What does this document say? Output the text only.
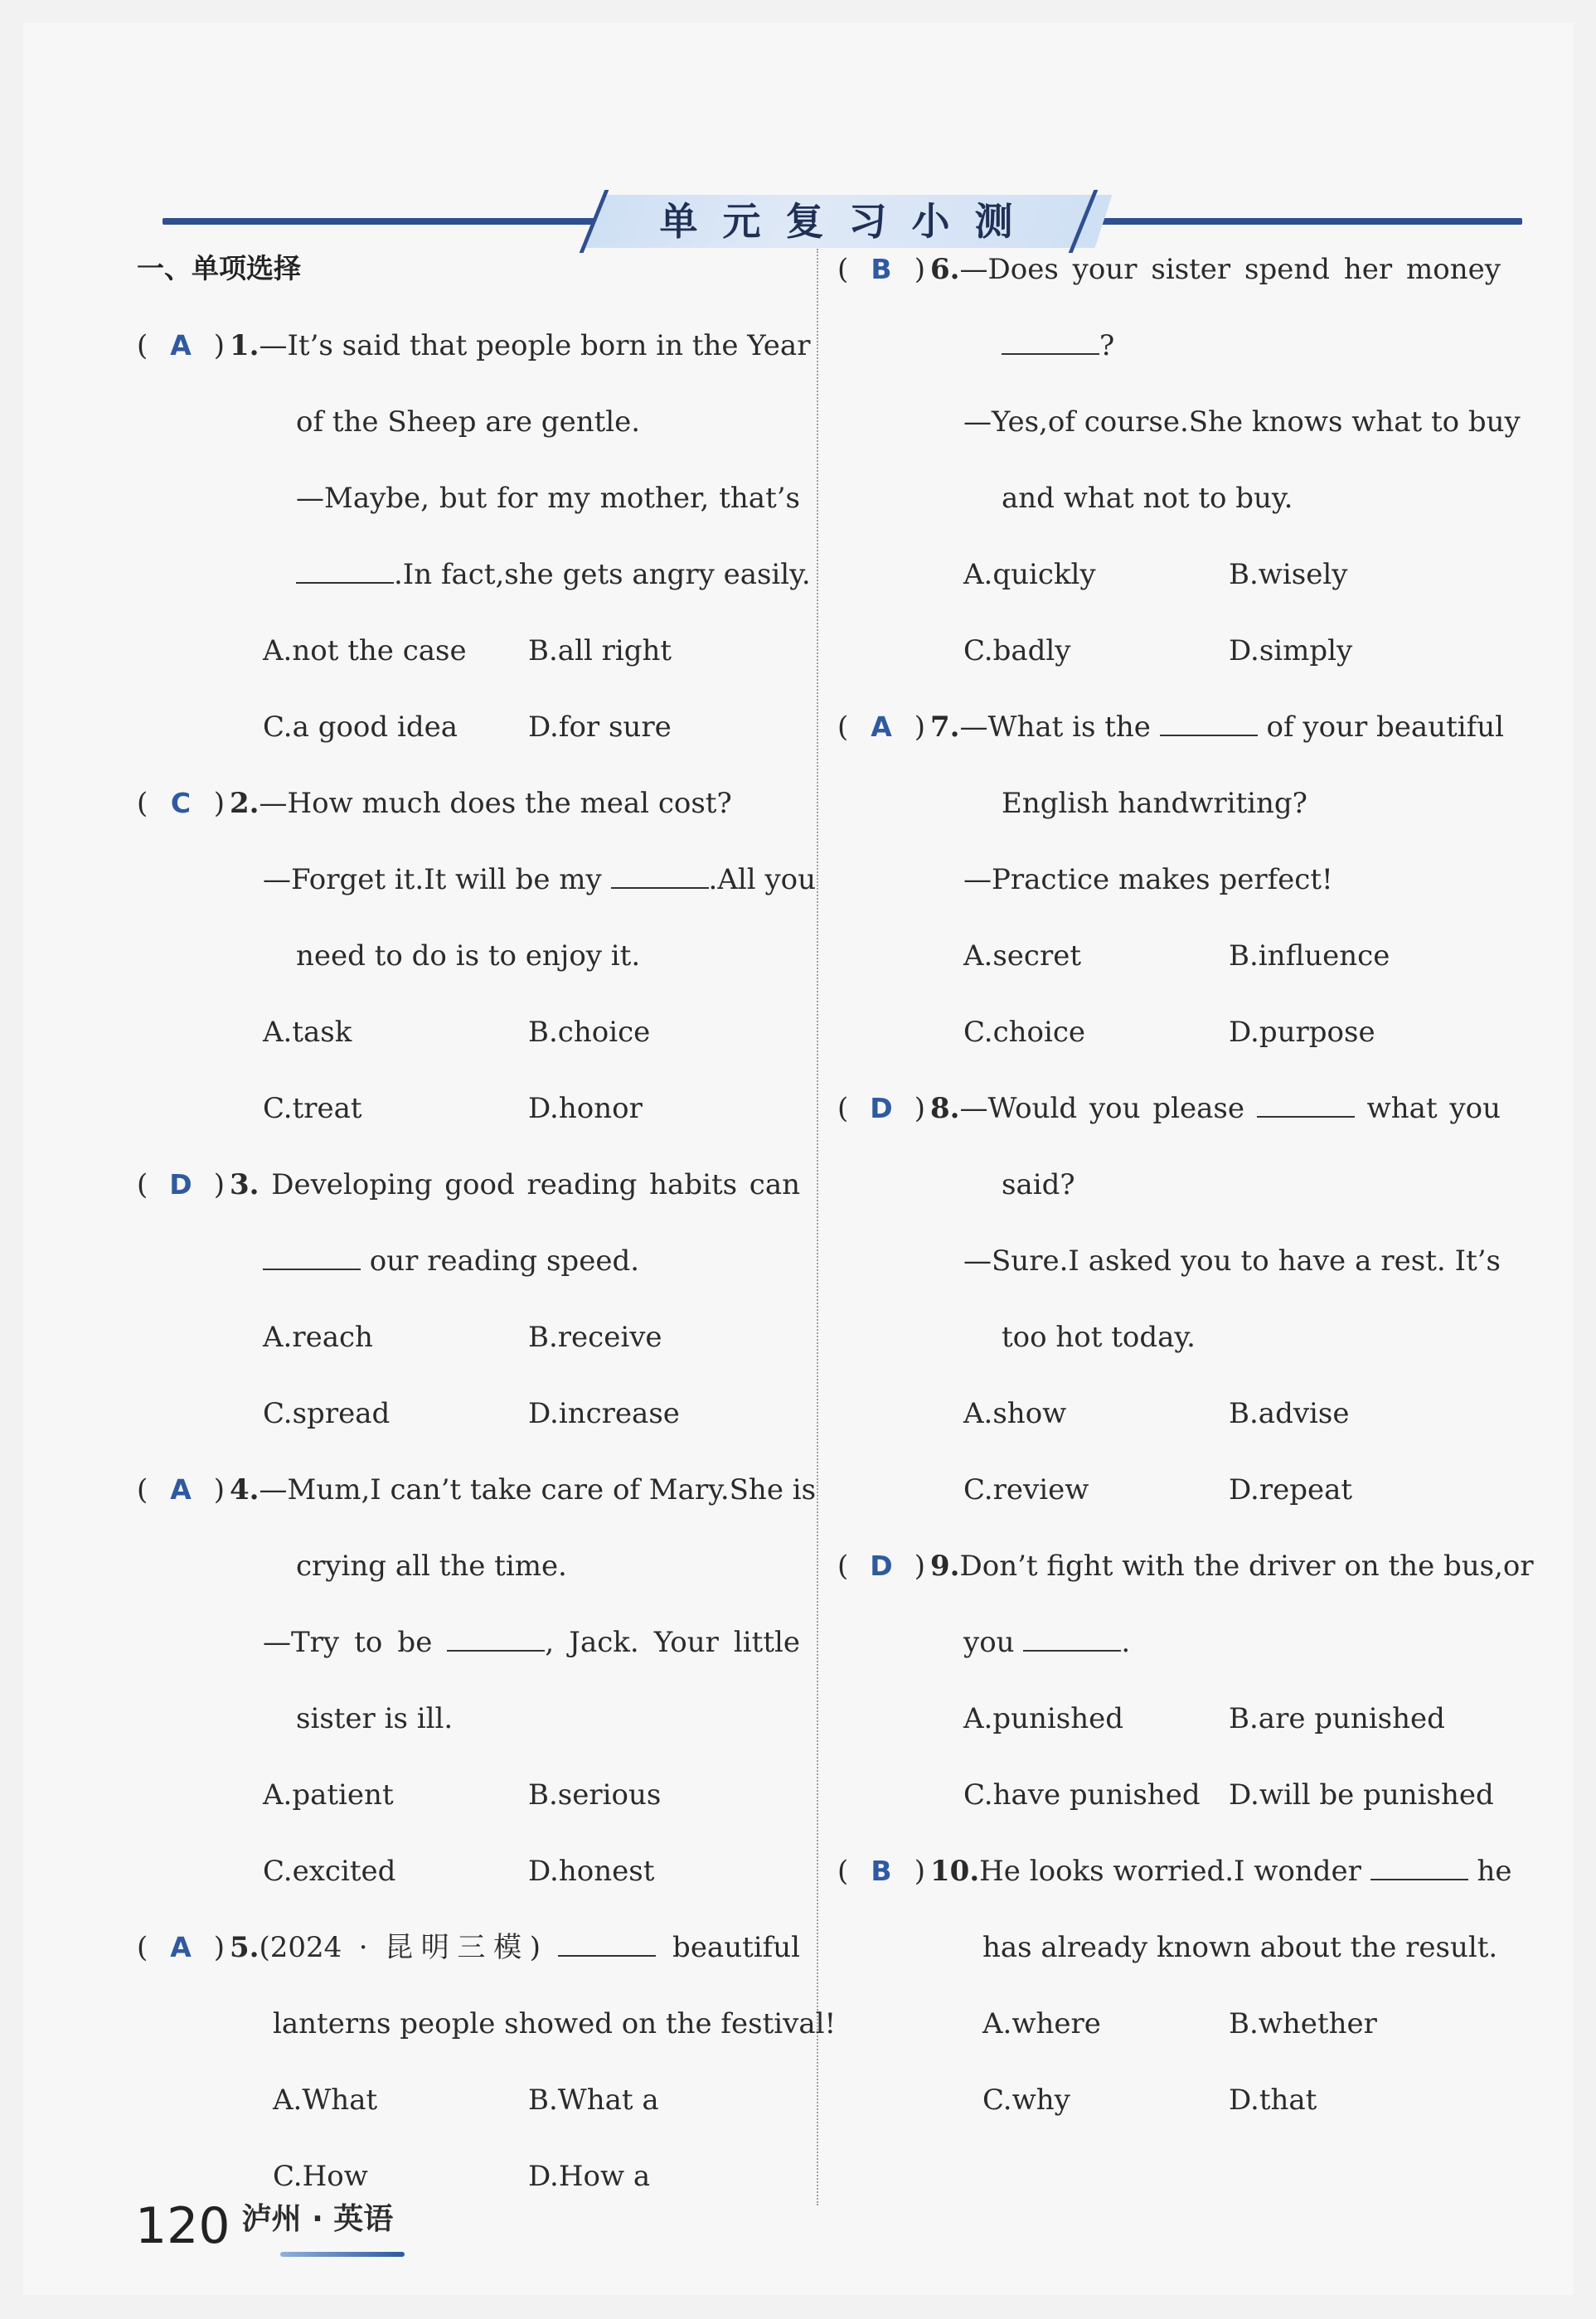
单元复习小测
一、单项选择
( A ) 1.—It’s said that people born in the Year
of the Sheep are gentle.
—Maybe, but for my mother, that’s
.In fact,she gets angry easily.
A.not the case	B.all right
C.a good idea	D.for sure
( C ) 2.—How much does the meal cost?
—Forget it.It will be my	.All you
need to do is to enjoy it.
A.task	B.choice
C.treat	D.honor
( D ) 3. Developing good reading habits can
our reading speed.
A.reach	B.receive
C.spread	D.increase
( A ) 4.—Mum,I can’t take care of Mary.She is
crying all the time.
—Try to be	, Jack. Your little
sister is ill.
A.patient	B.serious
C.excited	D.honest
( A ) 5.(2024 · 昆明三模)	beautiful
lanterns people showed on the festival!
A.What	B.What a
C.How	D.How a
( B ) 6.—Does your sister spend her money
?
—Yes,of course.She knows what to buy
and what not to buy.
A.quickly	B.wisely
C.badly	D.simply
( A ) 7.—What is the	of your beautiful
English handwriting?
—Practice makes perfect!
A.secret	B.influence
C.choice	D.purpose
( D ) 8.—Would you please	what you
said?
—Sure.I asked you to have a rest. It’s
too hot today.
A.show	B.advise
C.review	D.repeat
( D ) 9.Don’t fight with the driver on the bus,or
you	.
A.punished	B.are punished
C.have punished	D.will be punished
( B ) 10.He looks worried.I wonder	he
has already known about the result.
A.where	B.whether
C.why	D.that
120 泸州 · 英语
